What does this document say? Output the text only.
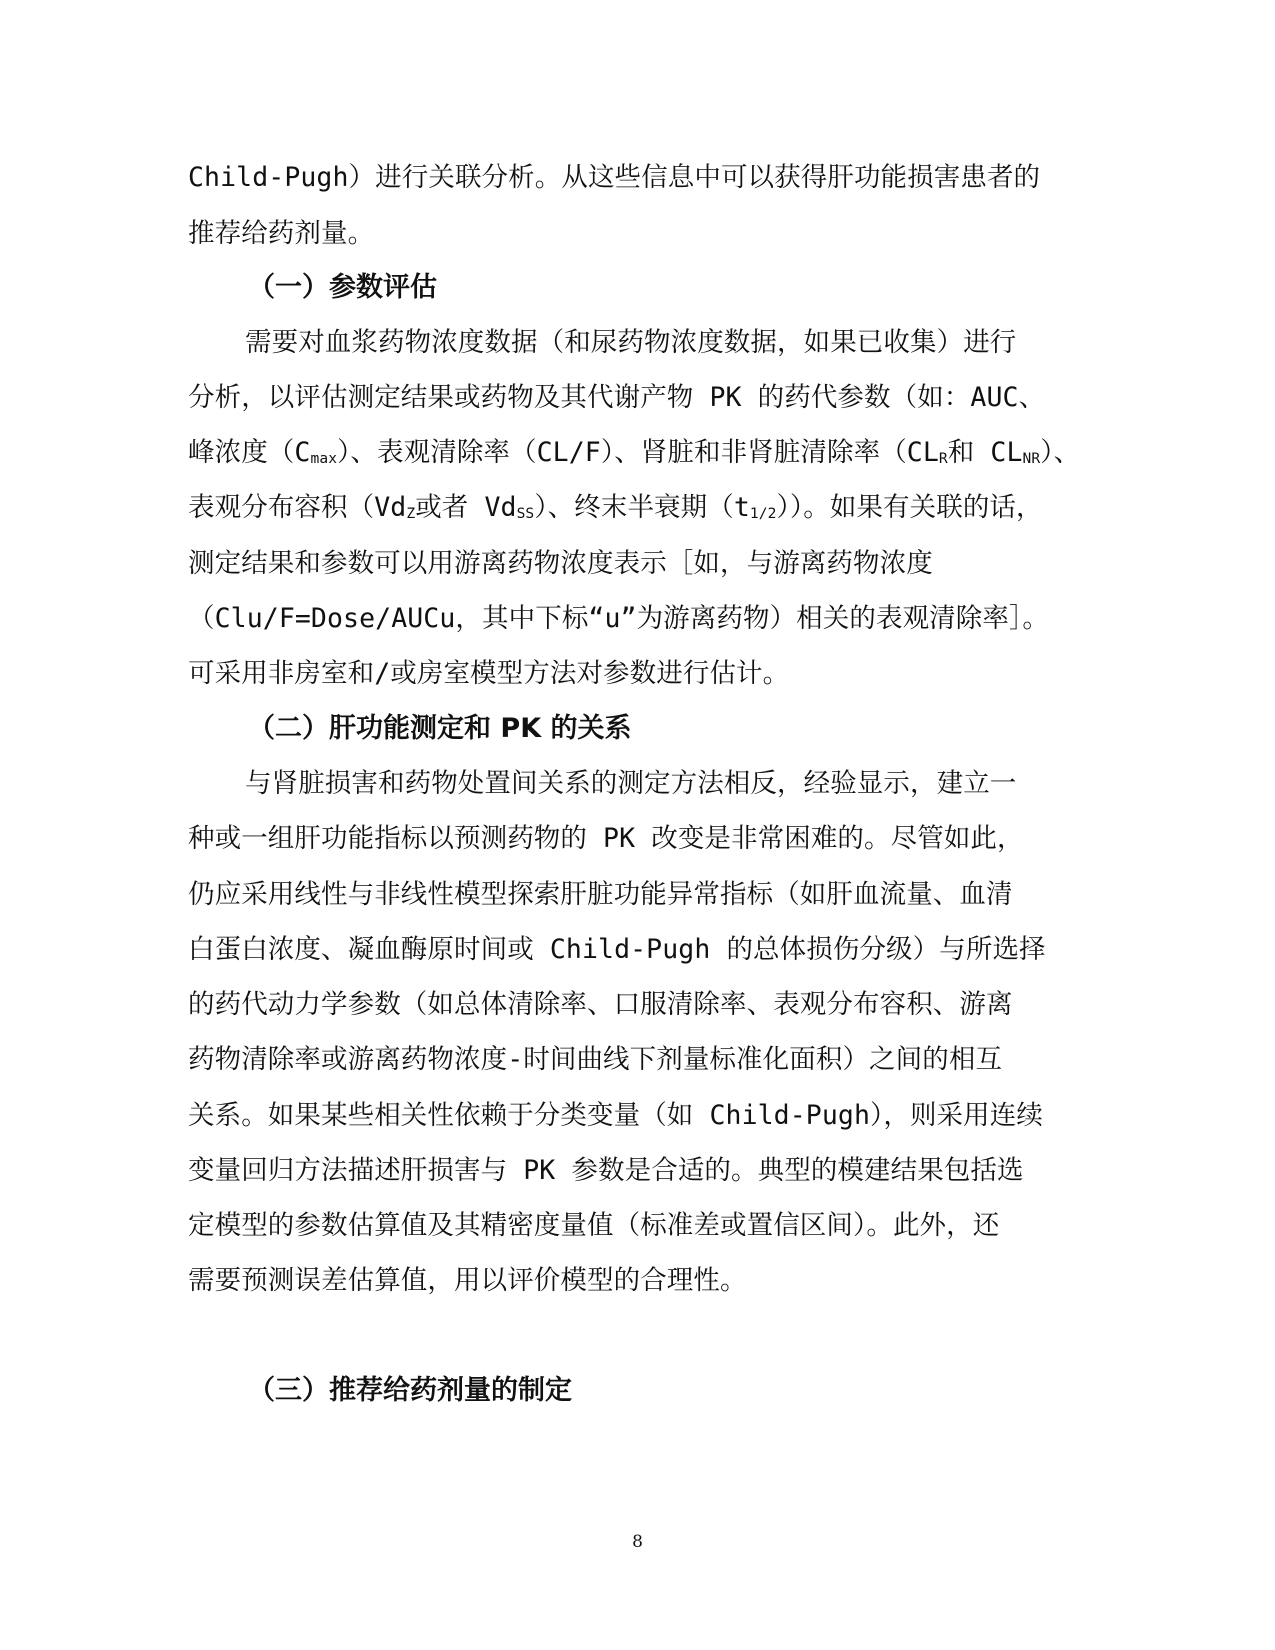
Child-Pugh）进行关联分析。从这些信息中可以获得肝功能损害患者的
推荐给药剂量。
（一）参数评估
需要对血浆药物浓度数据（和尿药物浓度数据，如果已收集）进行
分析，以评估测定结果或药物及其代谢产物 PK 的药代参数（如：AUC、
峰浓度（Cmax）、表观清除率（CL/F）、肾脏和非肾脏清除率（CLR和 CLNR）、
表观分布容积（VdZ或者 VdSS）、终末半衰期（t1/2））。如果有关联的话，
测定结果和参数可以用游离药物浓度表示［如，与游离药物浓度
（Clu/F=Dose/AUCu，其中下标“u”为游离药物）相关的表观清除率］。
可采用非房室和/或房室模型方法对参数进行估计。
（二）肝功能测定和 PK 的关系
与肾脏损害和药物处置间关系的测定方法相反，经验显示，建立一
种或一组肝功能指标以预测药物的 PK 改变是非常困难的。尽管如此，
仍应采用线性与非线性模型探索肝脏功能异常指标（如肝血流量、血清
白蛋白浓度、凝血酶原时间或 Child-Pugh 的总体损伤分级）与所选择
的药代动力学参数（如总体清除率、口服清除率、表观分布容积、游离
药物清除率或游离药物浓度-时间曲线下剂量标准化面积）之间的相互
关系。如果某些相关性依赖于分类变量（如 Child-Pugh），则采用连续
变量回归方法描述肝损害与 PK 参数是合适的。典型的模建结果包括选
定模型的参数估算值及其精密度量值（标准差或置信区间）。此外，还
需要预测误差估算值，用以评价模型的合理性。
（三）推荐给药剂量的制定
8
